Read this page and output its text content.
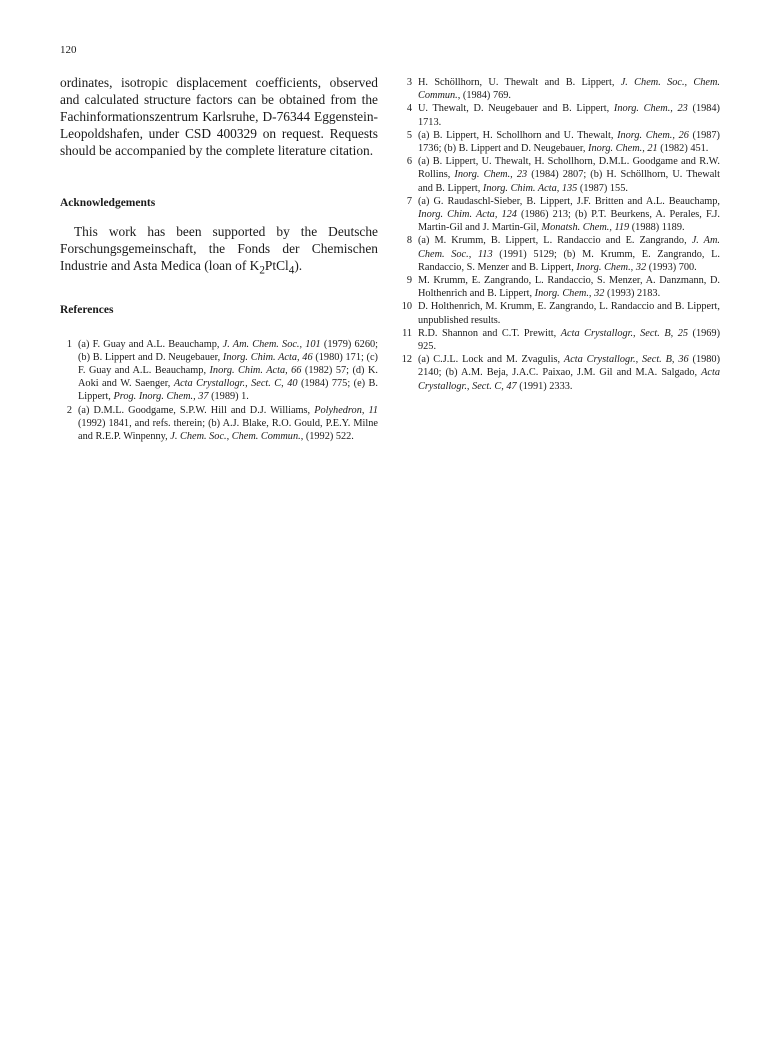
120

ordinates, isotropic displacement coefficients, observed and calculated structure factors can be obtained from the Fachinformationszentrum Karlsruhe, D-76344 Eggenstein-Leopoldshafen, under CSD 400329 on request. Requests should be accompanied by the complete literature citation.

Acknowledgements

This work has been supported by the Deutsche Forschungsgemeinschaft, the Fonds der Chemischen Industrie and Asta Medica (loan of $K_2PtCl_4$).

References
1 (a) F. Guay and A.L. Beauchamp, J. Am. Chem. Soc., 101 (1979) 6260; (b) B. Lippert and D. Neugebauer, Inorg. Chim. Acta, 46 (1980) 171; (c) F. Guay and A.L. Beauchamp, Inorg. Chim. Acta, 66 (1982) 57; (d) K. Aoki and W. Saenger, Acta Crystallogr., Sect. C, 40 (1984) 775; (e) B. Lippert, Prog. Inorg. Chem., 37 (1989) 1.
2 (a) D.M.L. Goodgame, S.P.W. Hill and D.J. Williams, Polyhedron, 11 (1992) 1841, and refs. therein; (b) A.J. Blake, R.O. Gould, P.E.Y. Milne and R.E.P. Winpenny, J. Chem. Soc., Chem. Commun., (1992) 522.
3 H. Schöllhorn, U. Thewalt and B. Lippert, J. Chem. Soc., Chem. Commun., (1984) 769.
4 U. Thewalt, D. Neugebauer and B. Lippert, Inorg. Chem., 23 (1984) 1713.
5 (a) B. Lippert, H. Schollhorn and U. Thewalt, Inorg. Chem., 26 (1987) 1736; (b) B. Lippert and D. Neugebauer, Inorg. Chem., 21 (1982) 451.
6 (a) B. Lippert, U. Thewalt, H. Schollhorn, D.M.L. Goodgame and R.W. Rollins, Inorg. Chem., 23 (1984) 2807; (b) H. Schöllhorn, U. Thewalt and B. Lippert, Inorg. Chim. Acta, 135 (1987) 155.
7 (a) G. Raudaschl-Sieber, B. Lippert, J.F. Britten and A.L. Beauchamp, Inorg. Chim. Acta, 124 (1986) 213; (b) P.T. Beurkens, A. Perales, F.J. Martin-Gil and J. Martin-Gil, Monatsh. Chem., 119 (1988) 1189.
8 (a) M. Krumm, B. Lippert, L. Randaccio and E. Zangrando, J. Am. Chem. Soc., 113 (1991) 5129; (b) M. Krumm, E. Zangrando, L. Randaccio, S. Menzer and B. Lippert, Inorg. Chem., 32 (1993) 700.
9 M. Krumm, E. Zangrando, L. Randaccio, S. Menzer, A. Danzmann, D. Holthenrich and B. Lippert, Inorg. Chem., 32 (1993) 2183.
10 D. Holthenrich, M. Krumm, E. Zangrando, L. Randaccio and B. Lippert, unpublished results.
11 R.D. Shannon and C.T. Prewitt, Acta Crystallogr., Sect. B, 25 (1969) 925.
12 (a) C.J.L. Lock and M. Zvagulis, Acta Crystallogr., Sect. B, 36 (1980) 2140; (b) A.M. Beja, J.A.C. Paixao, J.M. Gil and M.A. Salgado, Acta Crystallogr., Sect. C, 47 (1991) 2333.
